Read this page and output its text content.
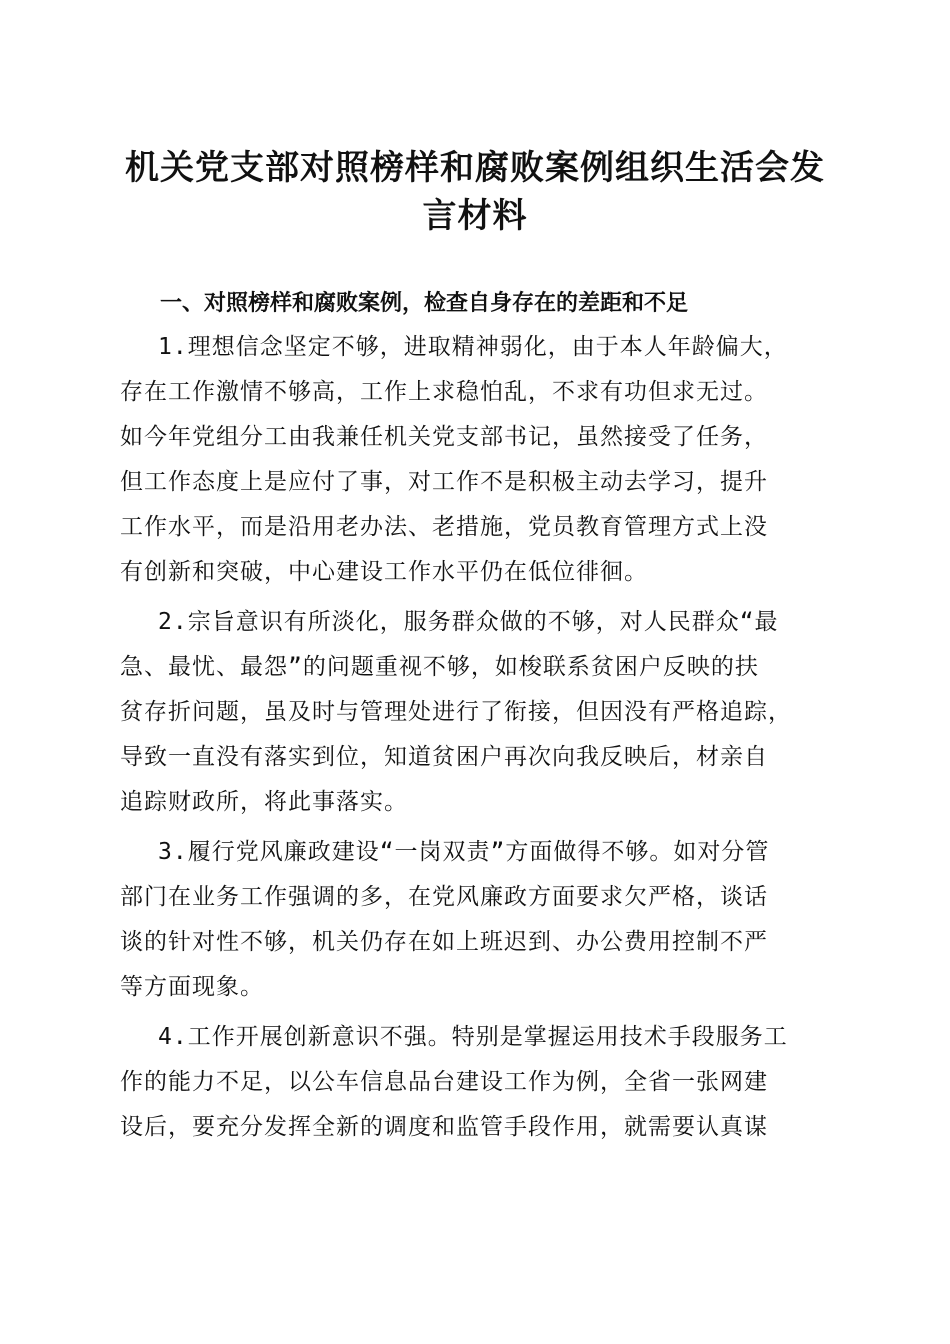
机关党支部对照榜样和腐败案例组织生活会发
言材料
一、对照榜样和腐败案例，检查自身存在的差距和不足
1.理想信念坚定不够，进取精神弱化，由于本人年龄偏大，
存在工作激情不够高，工作上求稳怕乱，不求有功但求无过。
如今年党组分工由我兼任机关党支部书记，虽然接受了任务，
但工作态度上是应付了事，对工作不是积极主动去学习，提升
工作水平，而是沿用老办法、老措施，党员教育管理方式上没
有创新和突破，中心建设工作水平仍在低位徘徊。
2.宗旨意识有所淡化，服务群众做的不够，对人民群众“最
急、最忧、最怨”的问题重视不够，如梭联系贫困户反映的扶
贫存折问题，虽及时与管理处进行了衔接，但因没有严格追踪，
导致一直没有落实到位，知道贫困户再次向我反映后，材亲自
追踪财政所，将此事落实。
3.履行党风廉政建设“一岗双责”方面做得不够。如对分管
部门在业务工作强调的多，在党风廉政方面要求欠严格，谈话
谈的针对性不够，机关仍存在如上班迟到、办公费用控制不严
等方面现象。
4.工作开展创新意识不强。特别是掌握运用技术手段服务工
作的能力不足，以公车信息品台建设工作为例，全省一张网建
设后，要充分发挥全新的调度和监管手段作用，就需要认真谋
